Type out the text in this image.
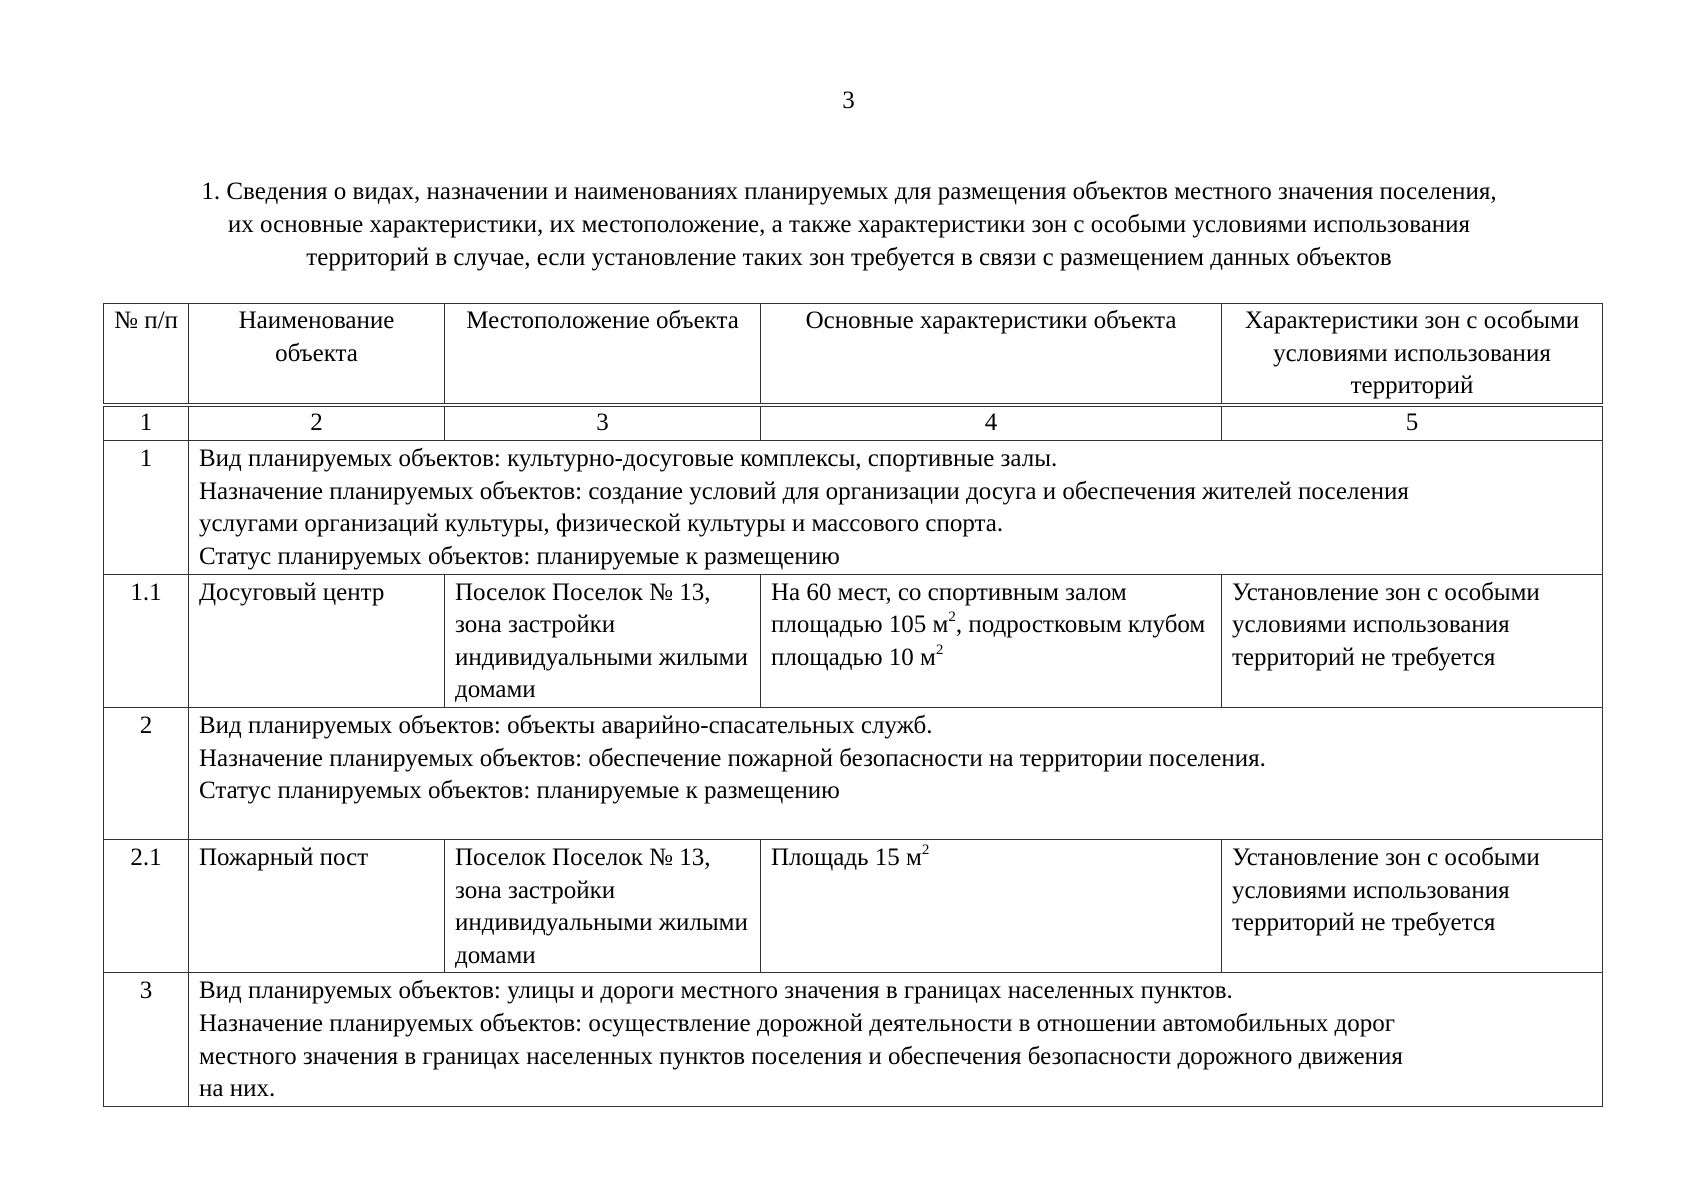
3
1. Сведения о видах, назначении и наименованиях планируемых для размещения объектов местного значения поселения,
их основные характеристики, их местоположение, а также характеристики зон с особыми условиями использования
территорий в случае, если установление таких зон требуется в связи с размещением данных объектов
№ п/п	Наименование объекта	Местоположение объекта	Основные характеристики объекта	Характеристики зон с особыми условиями использования территорий
1	2	3	4	5
1	Вид планируемых объектов: культурно-досуговые комплексы, спортивные залы.
Назначение планируемых объектов: создание условий для организации досуга и обеспечения жителей поселения
услугами организаций культуры, физической культуры и массового спорта.
Статус планируемых объектов: планируемые к размещению			

1.1	Досуговый центр	Поселок Поселок № 13, зона застройки индивидуальными жилыми домами	На 60 мест, со спортивным залом площадью 105 $м^2$, подростковым клубом площадью 10 $м^2$	Установление зон с особыми условиями использования территорий не требуется
2	Вид планируемых объектов: объекты аварийно-спасательных служб.
Назначение планируемых объектов: обеспечение пожарной безопасности на территории поселения.
Статус планируемых объектов: планируемые к размещению			

2.1	Пожарный пост	Поселок Поселок № 13, зона застройки индивидуальными жилыми домами	Площадь 15 $м^2$	Установление зон с особыми условиями использования территорий не требуется
3	Вид планируемых объектов: улицы и дороги местного значения в границах населенных пунктов.
Назначение планируемых объектов: осуществление дорожной деятельности в отношении автомобильных дорог
местного значения в границах населенных пунктов поселения и обеспечения безопасности дорожного движения
на них.			
